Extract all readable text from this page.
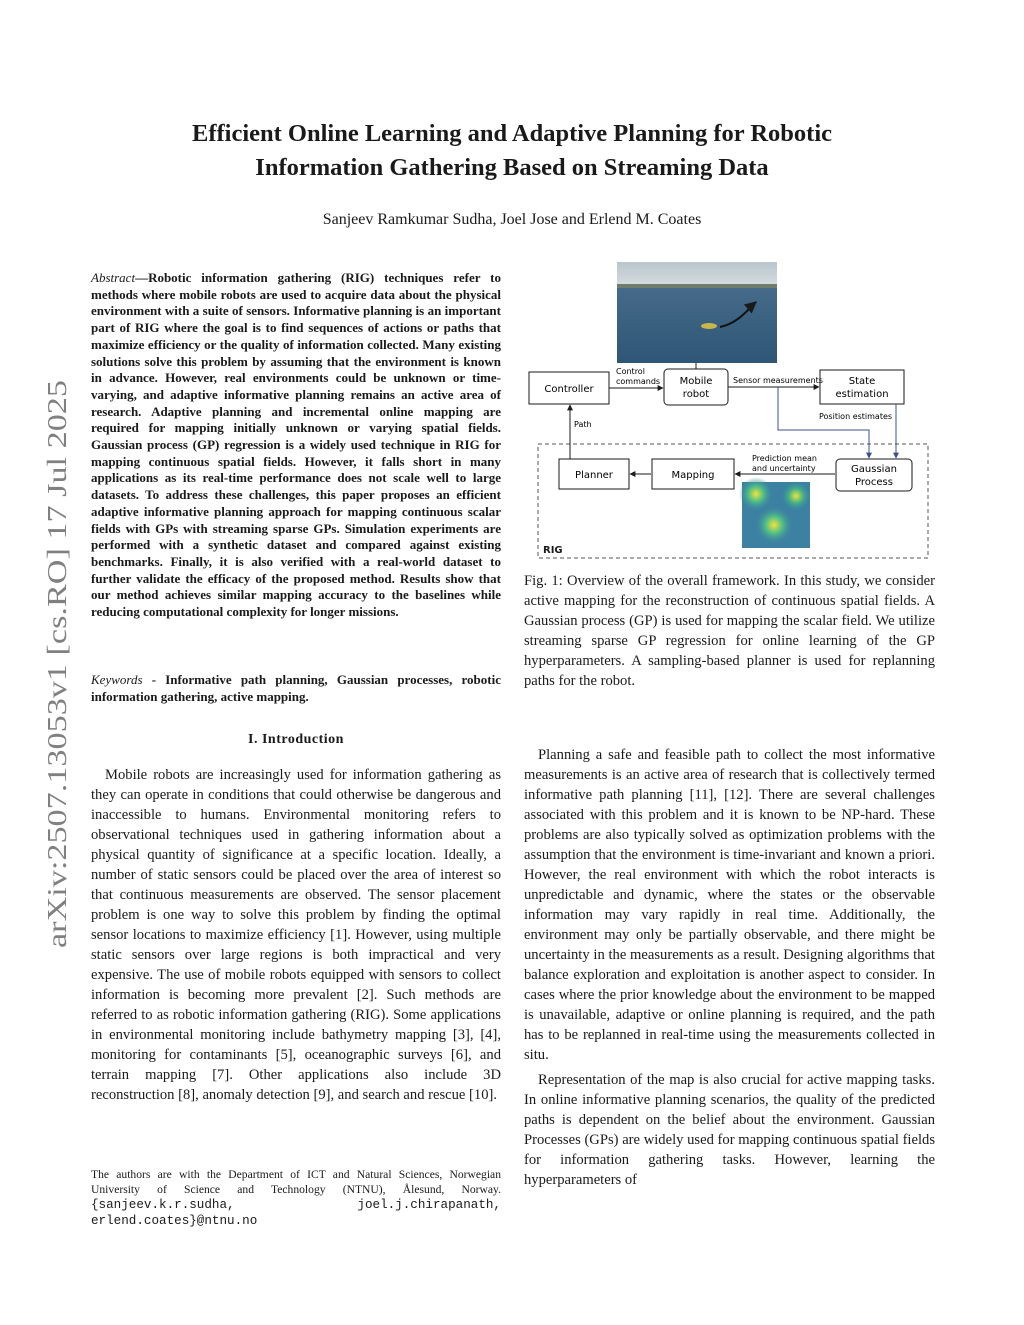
arXiv:2507.13053v1 [cs.RO] 17 Jul 2025
Efficient Online Learning and Adaptive Planning for Robotic
Information Gathering Based on Streaming Data

Sanjeev Ramkumar Sudha, Joel Jose and Erlend M. Coates

Abstract—Robotic information gathering (RIG) techniques refer to methods where mobile robots are used to acquire data about the physical environment with a suite of sensors. Informative planning is an important part of RIG where the goal is to find sequences of actions or paths that maximize efficiency or the quality of information collected. Many existing solutions solve this problem by assuming that the environment is known in advance. However, real environments could be unknown or time-varying, and adaptive informative planning remains an active area of research. Adaptive planning and incremental online mapping are required for mapping initially unknown or varying spatial fields. Gaussian process (GP) regression is a widely used technique in RIG for mapping continuous spatial fields. However, it falls short in many applications as its real-time performance does not scale well to large datasets. To address these challenges, this paper proposes an efficient adaptive informative planning approach for mapping continuous scalar fields with GPs with streaming sparse GPs. Simulation experiments are performed with a synthetic dataset and compared against existing benchmarks. Finally, it is also verified with a real-world dataset to further validate the efficacy of the proposed method. Results show that our method achieves similar mapping accuracy to the baselines while reducing computational complexity for longer missions.

Keywords - Informative path planning, Gaussian processes, robotic information gathering, active mapping.

I. Introduction

Mobile robots are increasingly used for information gathering as they can operate in conditions that could otherwise be dangerous and inaccessible to humans. Environmental monitoring refers to observational techniques used in gathering information about a physical quantity of significance at a specific location. Ideally, a number of static sensors could be placed over the area of interest so that continuous measurements are observed. The sensor placement problem is one way to solve this problem by finding the optimal sensor locations to maximize efficiency [1]. However, using multiple static sensors over large regions is both impractical and very expensive. The use of mobile robots equipped with sensors to collect information is becoming more prevalent [2]. Such methods are referred to as robotic information gathering (RIG). Some applications in environmental monitoring include bathymetry mapping [3], [4], monitoring for contaminants [5], oceanographic surveys [6], and terrain mapping [7]. Other applications also include 3D reconstruction [8], anomaly detection [9], and search and rescue [10].

The authors are with the Department of ICT and Natural Sciences, Norwegian University of Science and Technology (NTNU), Ålesund, Norway. {sanjeev.k.r.sudha, joel.j.chirapanath, erlend.coates}@ntnu.no

RIG
Controller
Mobile
robot
State
estimation
Control
commands	Sensor measurements
Planner	Mapping
Gaussian
Process
Prediction mean
and uncertainty
Path
Position estimates

Fig. 1: Overview of the overall framework. In this study, we consider active mapping for the reconstruction of continuous spatial fields. A Gaussian process (GP) is used for mapping the scalar field. We utilize streaming sparse GP regression for online learning of the GP hyperparameters. A sampling-based planner is used for replanning paths for the robot.

Planning a safe and feasible path to collect the most informative measurements is an active area of research that is collectively termed informative path planning [11], [12]. There are several challenges associated with this problem and it is known to be NP-hard. These problems are also typically solved as optimization problems with the assumption that the environment is time-invariant and known a priori. However, the real environment with which the robot interacts is unpredictable and dynamic, where the states or the observable information may vary rapidly in real time. Additionally, the environment may only be partially observable, and there might be uncertainty in the measurements as a result. Designing algorithms that balance exploration and exploitation is another aspect to consider. In cases where the prior knowledge about the environment to be mapped is unavailable, adaptive or online planning is required, and the path has to be replanned in real-time using the measurements collected in situ.

Representation of the map is also crucial for active mapping tasks. In online informative planning scenarios, the quality of the predicted paths is dependent on the belief about the environment. Gaussian Processes (GPs) are widely used for mapping continuous spatial fields for information gathering tasks. However, learning the hyperparameters of
